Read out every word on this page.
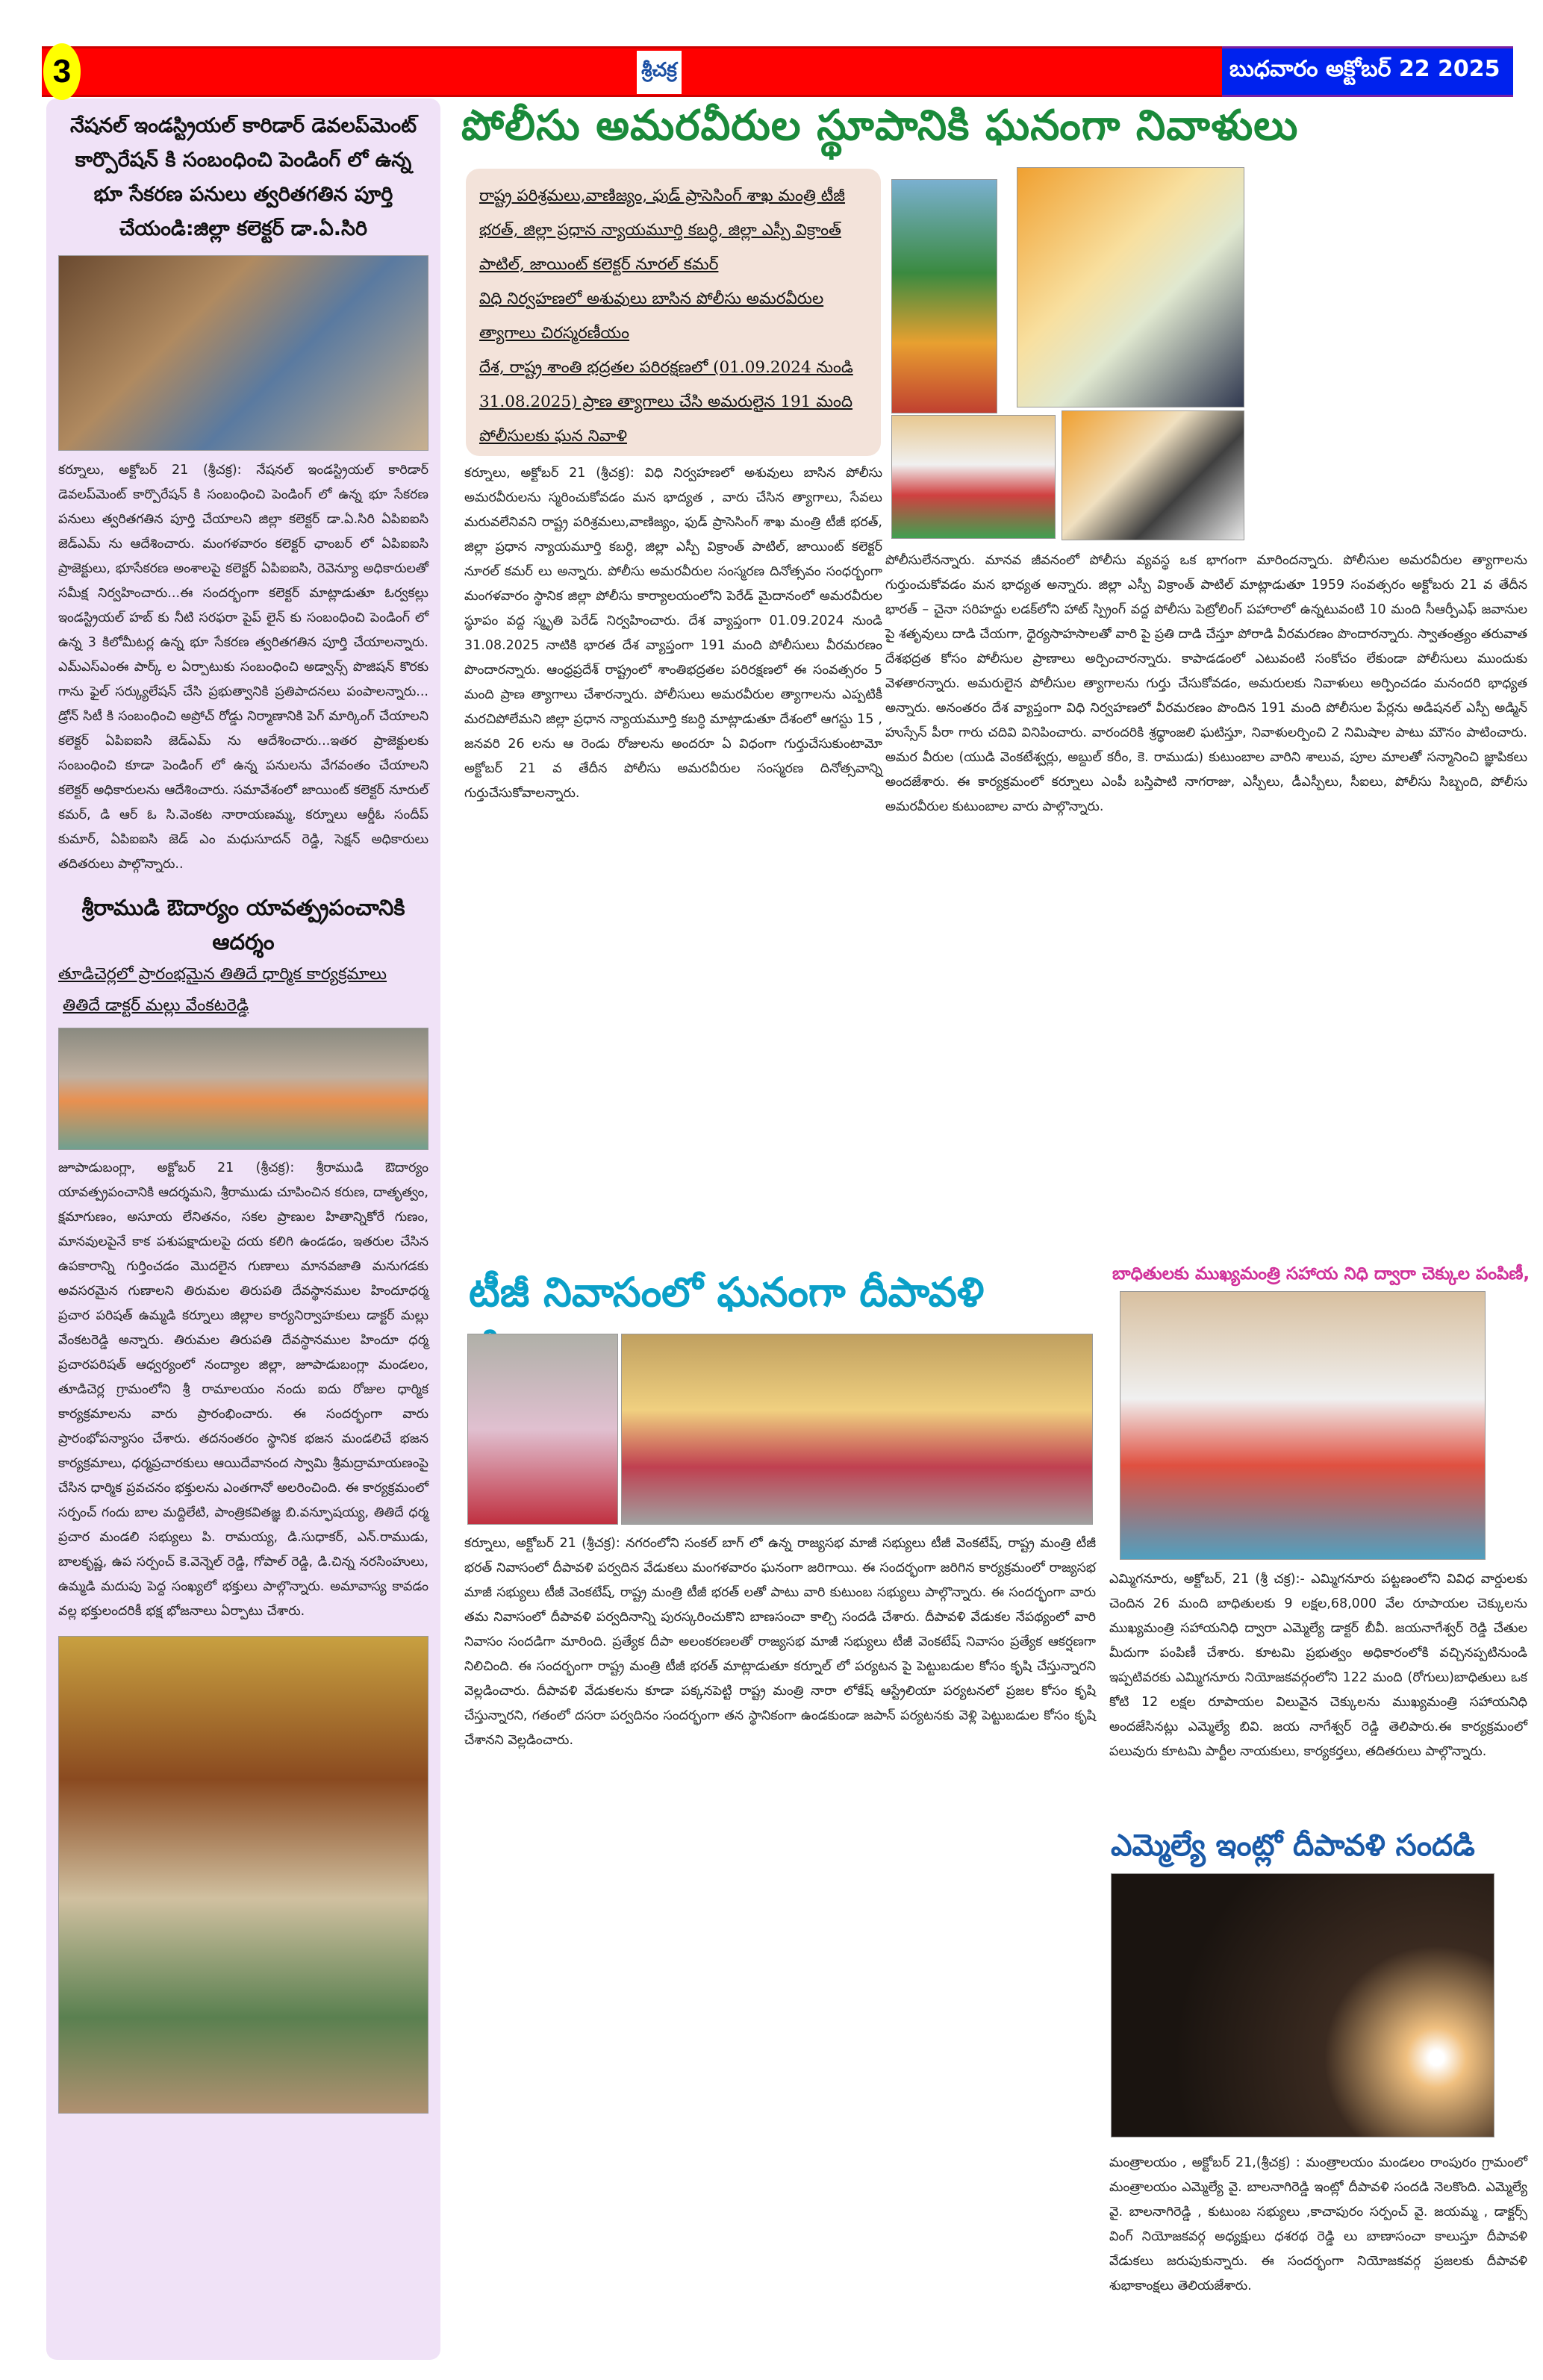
3	శ్రీచక్ర	బుధవారం అక్టోబర్ 22 2025
నేషనల్ ఇండస్ట్రియల్ కారిడార్ డెవలప్‌మెంట్ కార్పొరేషన్ కి సంబంధించి పెండింగ్ లో ఉన్న భూ సేకరణ పనులు త్వరితగతిన పూర్తి చేయండి:జిల్లా కలెక్టర్ డా.ఏ.సిరి
కర్నూలు, అక్టోబర్ 21 (శ్రీచక్ర): నేషనల్ ఇండస్ట్రియల్ కారిడార్ డెవలప్‌మెంట్ కార్పొరేషన్ కి సంబంధించి పెండింగ్ లో ఉన్న భూ సేకరణ పనులు త్వరితగతిన పూర్తి చేయాలని జిల్లా కలెక్టర్ డా.ఏ.సిరి ఏపిఐఐసి జెడ్‌ఎమ్ ను ఆదేశించారు. మంగళవారం కలెక్టర్ ఛాంబర్ లో ఏపిఐఐసి ప్రాజెక్టులు, భూసేకరణ అంశాలపై కలెక్టర్ ఏపిఐఐసి, రెవెన్యూ అధికారులతో సమీక్ష నిర్వహించారు...ఈ సందర్భంగా కలెక్టర్ మాట్లాడుతూ ఓర్వకల్లు ఇండస్ట్రియల్ హబ్ కు నీటి సరఫరా పైప్ లైన్ కు సంబంధించి పెండింగ్ లో ఉన్న 3 కిలోమీటర్ల ఉన్న భూ సేకరణ త్వరితగతిన పూర్తి చేయాలన్నారు. ఎమ్ఎస్ఎంఈ పార్క్ ల ఏర్పాటుకు సంబంధించి అడ్వాన్స్ పొజిషన్ కొరకు గాను ఫైల్ సర్క్యులేషన్ చేసి ప్రభుత్వానికి ప్రతిపాదనలు పంపాలన్నారు... డ్రోన్ సిటీ కి సంబంధించి అప్రోచ్ రోడ్డు నిర్మాణానికి పెగ్ మార్కింగ్ చేయాలని కలెక్టర్ ఏపిఐఐసి జెడ్ఎమ్ ను ఆదేశించారు...ఇతర ప్రాజెక్టులకు సంబంధించి కూడా పెండింగ్ లో ఉన్న పనులను వేగవంతం చేయాలని కలెక్టర్ అధికారులను ఆదేశించారు. సమావేశంలో జాయింట్ కలెక్టర్ నూరుల్ కమర్, డి ఆర్ ఓ సి.వెంకట నారాయణమ్మ, కర్నూలు ఆర్డీఓ సందీప్ కుమార్, ఏపిఐఐసి జెడ్ ఎం మధుసూదన్ రెడ్డి, సెక్షన్ అధికారులు తదితరులు పాల్గొన్నారు..
శ్రీరాముడి ఔదార్యం యావత్ప్రపంచానికి ఆదర్శం
తూడిచెర్లలో ప్రారంభమైన తితిదే ధార్మిక కార్యక్రమాలు
తితిదే డాక్టర్ మల్లు వేంకటరెడ్డి
జూపాడుబంగ్లా, అక్టోబర్ 21 (శ్రీచక్ర): శ్రీరాముడి ఔదార్యం యావత్ప్రపంచానికి ఆదర్శమని, శ్రీరాముడు చూపించిన కరుణ, దాతృత్వం, క్షమాగుణం, అసూయ లేనితనం, సకల ప్రాణుల హితాన్నికోరే గుణం, మానవులపైనే కాక పశుపక్షాదులపై దయ కలిగి ఉండడం, ఇతరుల చేసిన ఉపకారాన్ని గుర్తించడం మొదలైన గుణాలు మానవజాతి మనుగడకు అవసరమైన గుణాలని తిరుమల తిరుపతి దేవస్థానముల హిందూధర్మ ప్రచార పరిషత్ ఉమ్మడి కర్నూలు జిల్లాల కార్యనిర్వాహకులు డాక్టర్ మల్లు వేంకటరెడ్డి అన్నారు. తిరుమల తిరుపతి దేవస్థానముల హిందూ ధర్మ ప్రచారపరిషత్ ఆధ్వర్యంలో నంద్యాల జిల్లా, జూపాడుబంగ్లా మండలం, తూడిచెర్ల గ్రామంలోని శ్రీ రామాలయం నందు ఐదు రోజుల ధార్మిక కార్యక్రమాలను వారు ప్రారంభించారు. ఈ సందర్భంగా వారు ప్రారంభోపన్యాసం చేశారు. తదనంతరం స్థానిక భజన మండలిచే భజన కార్యక్రమాలు, ధర్మప్రచారకులు ఆయిదేవానంద స్వామి శ్రీమద్రామాయణంపై చేసిన ధార్మిక ప్రవచనం భక్తులను ఎంతగానో అలరించింది. ఈ కార్యక్రమంలో సర్పంచ్ గందు బాల మద్దిలేటి, పాంత్రికవితజ్ఞ బి.వన్ఫూషయ్య, తితిదే ధర్మ ప్రచార మండలి సభ్యులు పి. రామయ్య, డి.సుధాకర్, ఎన్.రాముడు, బాలకృష్ణ, ఉప సర్పంచ్ కె.వెన్నెల్ రెడ్డి, గోపాల్ రెడ్డి, డి.చిన్న నరసింహులు, ఉమ్మడి మదుపు పెద్ద సంఖ్యలో భక్తులు పాల్గొన్నారు. అమావాస్య కావడం వల్ల భక్తులందరికీ భక్ష భోజనాలు ఏర్పాటు చేశారు.
పోలీసు అమరవీరుల స్థూపానికి ఘనంగా నివాళులు

రాష్ట్ర పరిశ్రమలు,వాణిజ్యం, ఫుడ్ ప్రాసెసింగ్ శాఖ మంత్రి టీజీ భరత్, జిల్లా ప్రధాన న్యాయమూర్తి కబర్ధి, జిల్లా ఎస్పీ విక్రాంత్ పాటిల్, జాయింట్ కలెక్టర్ నూరల్ కమర్

విధి నిర్వహణలో అశువులు బాసిన పోలీసు అమరవీరుల త్యాగాలు చిరస్మరణీయం

దేశ, రాష్ట్ర శాంతి భద్రతల పరిరక్షణలో (01.09.2024 నుండి 31.08.2025) ప్రాణ త్యాగాలు చేసి అమరులైన 191 మంది పోలీసులకు ఘన నివాళి

కర్నూలు, అక్టోబర్ 21 (శ్రీచక్ర): విధి నిర్వహణలో అశువులు బాసిన పోలీసు అమరవీరులను స్మరించుకోవడం మన భాద్యత , వారు చేసిన త్యాగాలు, సేవలు మరువలేనివని రాష్ట్ర పరిశ్రమలు,వాణిజ్యం, ఫుడ్ ప్రాసెసింగ్ శాఖ మంత్రి టీజీ భరత్, జిల్లా ప్రధాన న్యాయమూర్తి కబర్ధి, జిల్లా ఎస్పీ విక్రాంత్ పాటిల్, జాయింట్ కలెక్టర్ నూరల్ కమర్ లు అన్నారు. పోలీసు అమరవీరుల సంస్మరణ దినోత్సవం సంధర్బంగా మంగళవారం స్థానిక జిల్లా పోలీసు కార్యాలయంలోని పెరేడ్ మైదానంలో అమరవీరుల స్థూపం వద్ద స్మృతి పెరేడ్ నిర్వహించారు. దేశ వ్యాప్తంగా 01.09.2024 నుండి 31.08.2025 నాటికి భారత దేశ వ్యాప్తంగా 191 మంది పోలీసులు వీరమరణం పొందారన్నారు. ఆంధ్రప్రదేశ్ రాష్ట్రంలో శాంతిభద్రతల పరిరక్షణలో ఈ సంవత్సరం 5 మంది ప్రాణ త్యాగాలు చేశారన్నారు. పోలీసులు అమరవీరుల త్యాగాలను ఎప్పటికీ మరచిపోలేమని జిల్లా ప్రధాన న్యాయమూర్తి కబర్ధి మాట్లాడుతూ దేశంలో ఆగస్టు 15 , జనవరి 26 లను ఆ రెండు రోజులను అందరూ ఏ విధంగా గుర్తుచేసుకుంటామో అక్టోబర్ 21 వ తేదీన పోలీసు అమరవీరుల సంస్మరణ దినోత్సవాన్ని గుర్తుచేసుకోవాలన్నారు.
పోలీసులేనన్నారు. మానవ జీవనంలో పోలీసు వ్యవస్థ ఒక భాగంగా మారిందన్నారు. పోలీసుల అమరవీరుల త్యాగాలను గుర్తుంచుకోవడం మన భాధ్యత అన్నారు. జిల్లా ఎస్పీ విక్రాంత్ పాటిల్ మాట్లాడుతూ 1959 సంవత్సరం అక్టోబరు 21 వ తేదీన భారత్ – చైనా సరిహద్దు లడక్‌లోని హాట్ స్ప్రింగ్ వద్ద పోలీసు పెట్రోలింగ్ పహారాలో ఉన్నటువంటి 10 మంది సీఆర్పీఎఫ్ జవానుల పై శతృవులు దాడి చేయగా, ధైర్యసాహసాలతో వారి పై ప్రతి దాడి చేస్తూ పోరాడి వీరమరణం పొందారన్నారు. స్వాతంత్ర్యం తరువాత దేశభద్రత కోసం పోలీసుల ప్రాణాలు అర్పించారన్నారు. కాపాడడంలో ఎటువంటి సంకోచం లేకుండా పోలీసులు ముందుకు వెళతారన్నారు. అమరులైన పోలీసుల త్యాగాలను గుర్తు చేసుకోవడం, అమరులకు నివాళులు అర్పించడం మనందరి భాధ్యత అన్నారు. అనంతరం దేశ వ్యాప్తంగా విధి నిర్వహణలో వీరమరణం పొందిన 191 మంది పోలీసుల పేర్లను అడిషనల్ ఎస్పీ అడ్మిన్ హుస్సేన్ పీరా గారు చదివి వినిపించారు. వారందరికి శ్రధ్ధాంజలి ఘటిస్తూ, నివాళులర్పించి 2 నిమిషాల పాటు మౌనం పాటించారు. అమర వీరుల (యుడి వెంకటేశ్వర్లు, అబ్దుల్ కరీం, కె. రాముడు) కుటుంబాల వారిని శాలువ, పూల మాలతో సన్మానించి జ్ఞాపికలు అందజేశారు. ఈ కార్యక్రమంలో కర్నూలు ఎంపీ బస్తిపాటి నాగరాజు, ఎస్పీలు, డీఎస్పీలు, సీఐలు, పోలీసు సిబ్బంది, పోలీసు అమరవీరుల కుటుంబాల వారు పాల్గొన్నారు.
టీజీ నివాసంలో ఘనంగా దీపావళి
కర్నూలు, అక్టోబర్ 21 (శ్రీచక్ర): నగరంలోని సంకల్ బాగ్ లో ఉన్న రాజ్యసభ మాజీ సభ్యులు టీజీ వెంకటేష్, రాష్ట్ర మంత్రి టీజీ భరత్ నివాసంలో దీపావళి పర్వదిన వేడుకలు మంగళవారం ఘనంగా జరిగాయి. ఈ సందర్భంగా జరిగిన కార్యక్రమంలో రాజ్యసభ మాజీ సభ్యులు టీజీ వెంకటేష్, రాష్ట్ర మంత్రి టీజీ భరత్ లతో పాటు వారి కుటుంబ సభ్యులు పాల్గొన్నారు. ఈ సందర్భంగా వారు తమ నివాసంలో దీపావళి పర్వదినాన్ని పురస్కరించుకొని బాణసంచా కాల్చి సందడి చేశారు. దీపావళి వేడుకల నేపథ్యంలో వారి నివాసం సందడిగా మారింది. ప్రత్యేక దీపా అలంకరణలతో రాజ్యసభ మాజీ సభ్యులు టీజీ వెంకటేష్ నివాసం ప్రత్యేక ఆకర్షణగా నిలిచింది. ఈ సందర్భంగా రాష్ట్ర మంత్రి టీజీ భరత్ మాట్లాడుతూ కర్నూల్ లో పర్యటన పై పెట్టుబడుల కోసం కృషి చేస్తున్నారని వెల్లడించారు. దీపావళి వేడుకలను కూడా పక్కనపెట్టి రాష్ట్ర మంత్రి నారా లోకేష్ ఆస్ట్రేలియా పర్యటనలో ప్రజల కోసం కృషి చేస్తున్నారని, గతంలో దసరా పర్వదినం సందర్భంగా తన స్థానికంగా ఉండకుండా జపాన్ పర్యటనకు వెళ్లి పెట్టుబడుల కోసం కృషి చేశానని వెల్లడించారు.
బాధితులకు ముఖ్యమంత్రి సహాయ నిధి ద్వారా చెక్కుల పంపిణీ,
ఎమ్మిగనూరు, అక్టోబర్, 21 (శ్రీ చక్ర):- ఎమ్మిగనూరు పట్టణంలోని వివిధ వార్డులకు చెందిన 26 మంది బాధితులకు 9 లక్షల,68,000 వేల రూపాయల చెక్కులను ముఖ్యమంత్రి సహాయనిధి ద్వారా ఎమ్మెల్యే డాక్టర్ బీవీ. జయనాగేశ్వర్ రెడ్డి చేతుల మీదుగా పంపిణీ చేశారు. కూటమి ప్రభుత్వం అధికారంలోకి వచ్చినప్పటినుండి ఇప్పటివరకు ఎమ్మిగనూరు నియోజకవర్గంలోని 122 మంది (రోగులు)బాధితులు ఒక కోటి 12 లక్షల రూపాయల విలువైన చెక్కులను ముఖ్యమంత్రి సహాయనిధి అందజేసినట్లు ఎమ్మెల్యే బివి. జయ నాగేశ్వర్ రెడ్డి తెలిపారు.ఈ కార్యక్రమంలో పలువురు కూటమి పార్టీల నాయకులు, కార్యకర్తలు, తదితరులు పాల్గొన్నారు.
ఎమ్మెల్యే ఇంట్లో దీపావళి సందడి
మంత్రాలయం , అక్టోబర్ 21,(శ్రీచక్ర) : మంత్రాలయం మండలం రాంపురం గ్రామంలో మంత్రాలయం ఎమ్మెల్యే వై. బాలనాగిరెడ్డి ఇంట్లో దీపావళి సందడి నెలకొంది. ఎమ్మెల్యే వై. బాలనాగిరెడ్డి , కుటుంబ సభ్యులు ,కాచాపురం సర్పంచ్ వై. జయమ్మ , డాక్టర్స్ వింగ్ నియోజకవర్గ అధ్యక్షులు ధశరథ రెడ్డి లు బాణాసంచా కాలుస్తూ దీపావళి వేడుకలు జరుపుకున్నారు. ఈ సందర్భంగా నియోజకవర్గ ప్రజలకు దీపావళి శుభాకాంక్షలు తెలియజేశారు.
